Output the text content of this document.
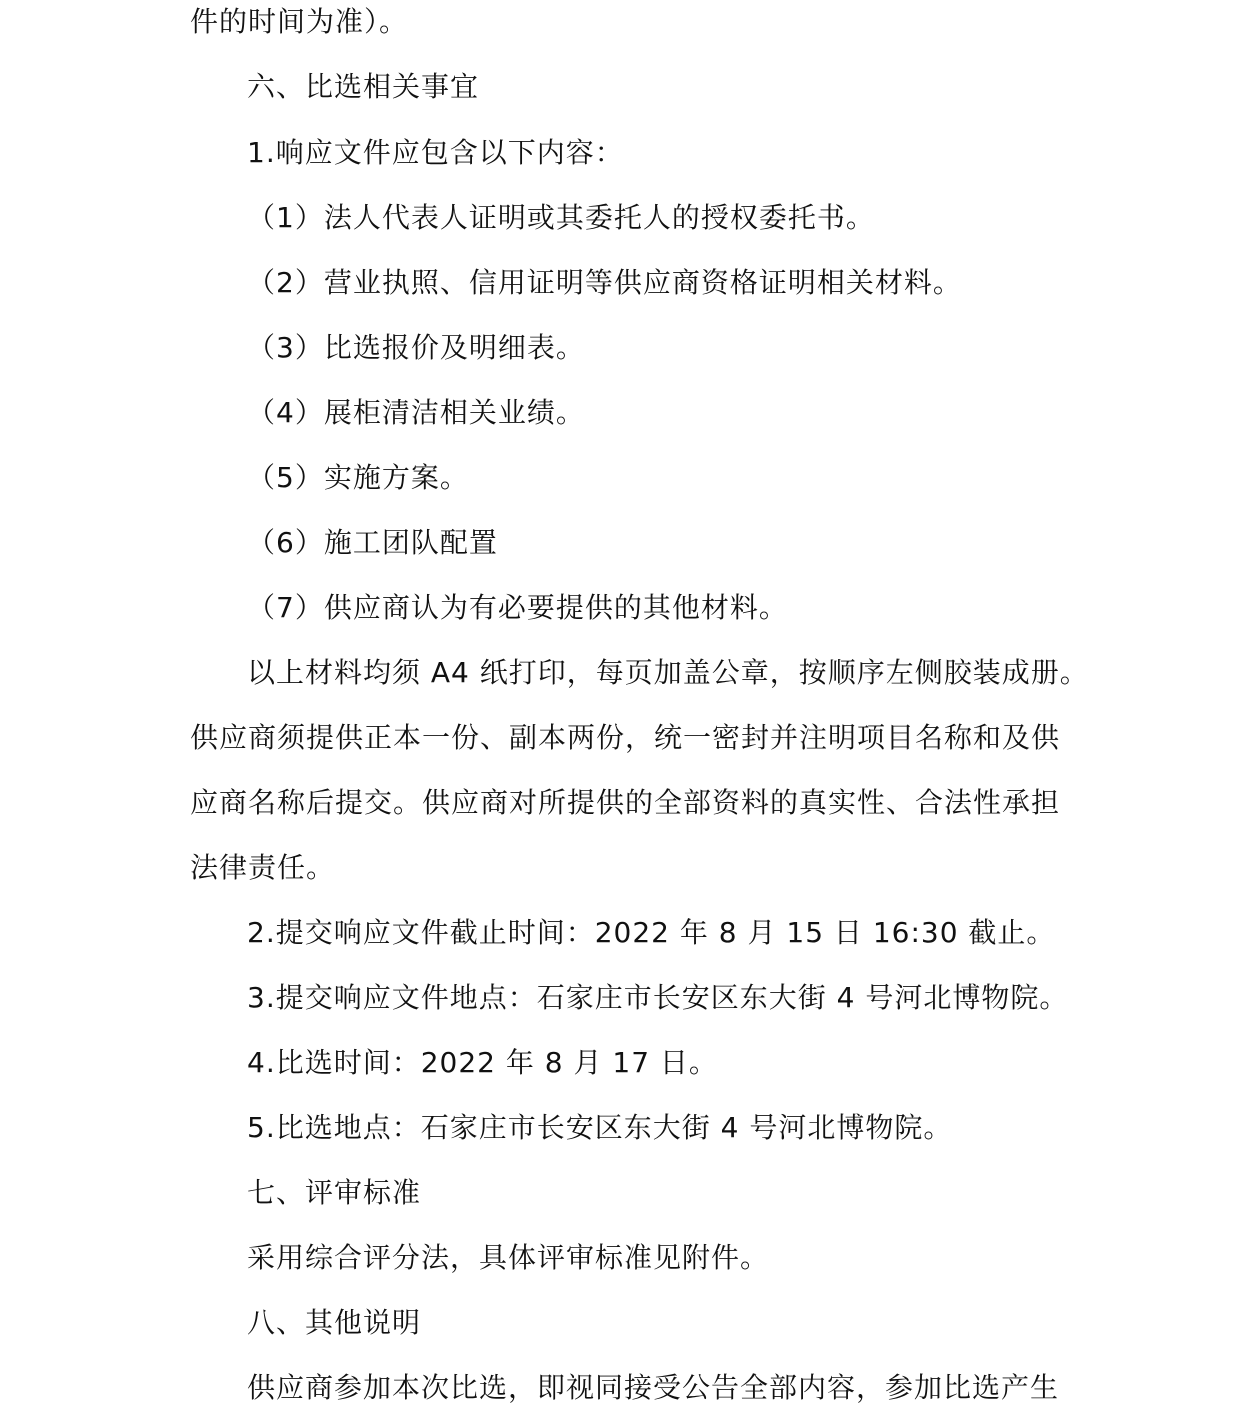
件的时间为准）。
六、比选相关事宜
1.响应文件应包含以下内容：
（1）法人代表人证明或其委托人的授权委托书。
（2）营业执照、信用证明等供应商资格证明相关材料。
（3）比选报价及明细表。
（4）展柜清洁相关业绩。
（5）实施方案。
（6）施工团队配置
（7）供应商认为有必要提供的其他材料。
以上材料均须 A4 纸打印，每页加盖公章，按顺序左侧胶装成册。
供应商须提供正本一份、副本两份，统一密封并注明项目名称和及供
应商名称后提交。供应商对所提供的全部资料的真实性、合法性承担
法律责任。
2.提交响应文件截止时间：2022 年 8 月 15 日 16:30 截止。
3.提交响应文件地点：石家庄市长安区东大街 4 号河北博物院。
4.比选时间：2022 年 8 月 17 日。
5.比选地点：石家庄市长安区东大街 4 号河北博物院。
七、评审标准
采用综合评分法，具体评审标准见附件。
八、其他说明
供应商参加本次比选，即视同接受公告全部内容，参加比选产生
